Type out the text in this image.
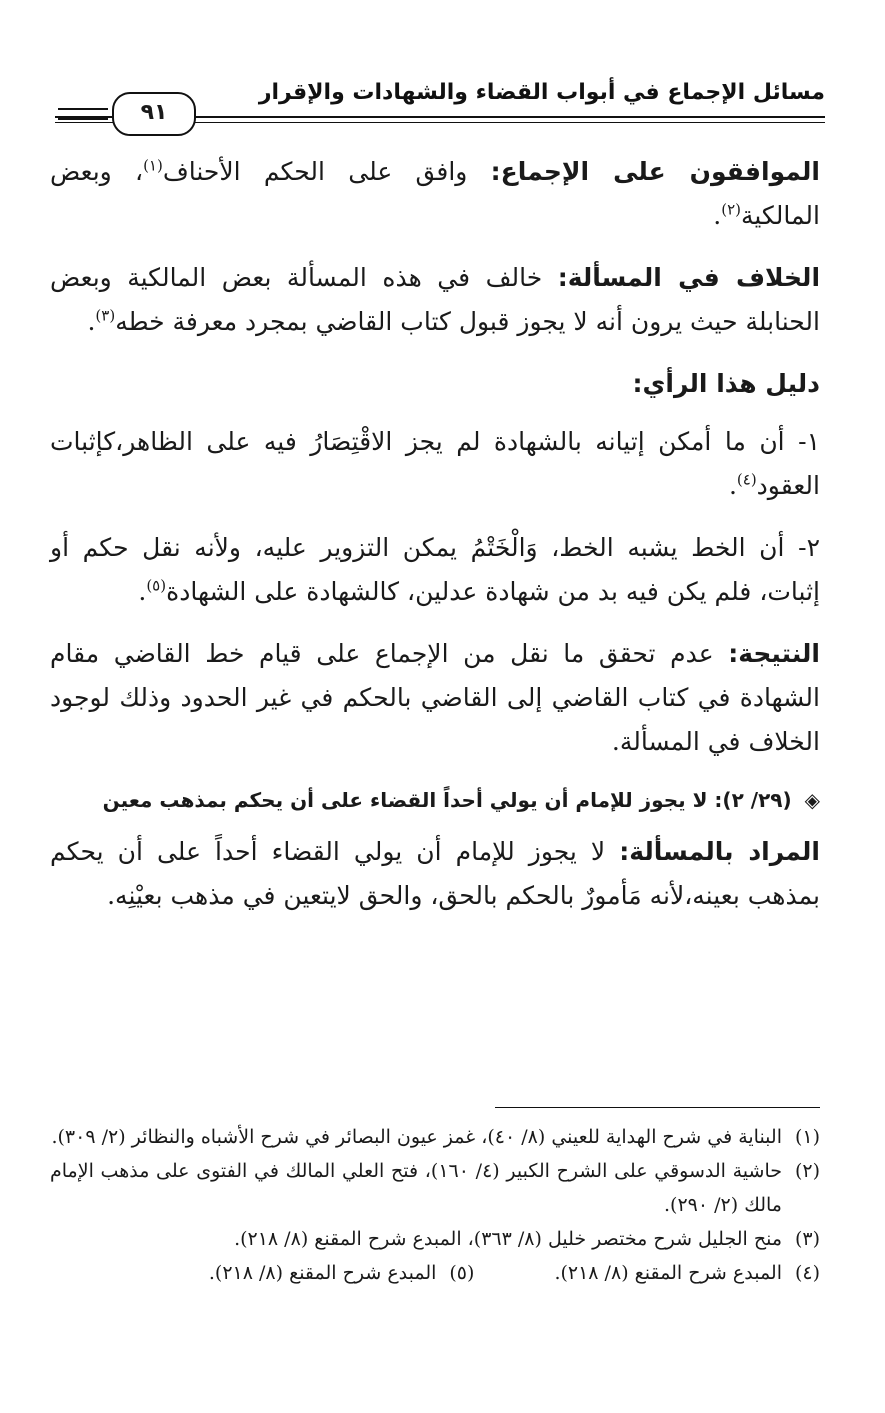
مسائل الإجماع في أبواب القضاء والشهادات والإقرار
٩١

الموافقون على الإجماع: وافق على الحكم الأحناف$^{(١)}$، وبعض المالكية$^{(٢)}$.

الخلاف في المسألة: خالف في هذه المسألة بعض المالكية وبعض الحنابلة حيث يرون أنه لا يجوز قبول كتاب القاضي بمجرد معرفة خطه$^{(٣)}$.

دليل هذا الرأي:

١- أن ما أمكن إتيانه بالشهادة لم يجز الاقْتِصَارُ فيه على الظاهر،كإثبات العقود$^{(٤)}$.

٢- أن الخط يشبه الخط، وَالْخَتْمُ يمكن التزوير عليه، ولأنه نقل حكم أو إثبات، فلم يكن فيه بد من شهادة عدلين، كالشهادة على الشهادة$^{(٥)}$.

النتيجة: عدم تحقق ما نقل من الإجماع على قيام خط القاضي مقام الشهادة في كتاب القاضي إلى القاضي بالحكم في غير الحدود وذلك لوجود الخلاف في المسألة.

◈ (٢٩/ ٢): لا يجوز للإمام أن يولي أحداً القضاء على أن يحكم بمذهب معين

المراد بالمسألة: لا يجوز للإمام أن يولي القضاء أحداً على أن يحكم بمذهب بعينه،لأنه مَأمورٌ بالحكم بالحق، والحق لايتعين في مذهب بعيْنِه.

(١)
البناية في شرح الهداية للعيني (٨/ ٤٠)، غمز عيون البصائر في شرح الأشباه والنظائر (٢/ ٣٠٩).

(٢)
حاشية الدسوقي على الشرح الكبير (٤/ ١٦٠)، فتح العلي المالك في الفتوى على مذهب الإمام مالك (٢/ ٢٩٠).

(٣)
منح الجليل شرح مختصر خليل (٨/ ٣٦٣)، المبدع شرح المقنع (٨/ ٢١٨).

(٤)
المبدع شرح المقنع (٨/ ٢١٨).

(٥)
المبدع شرح المقنع (٨/ ٢١٨).
